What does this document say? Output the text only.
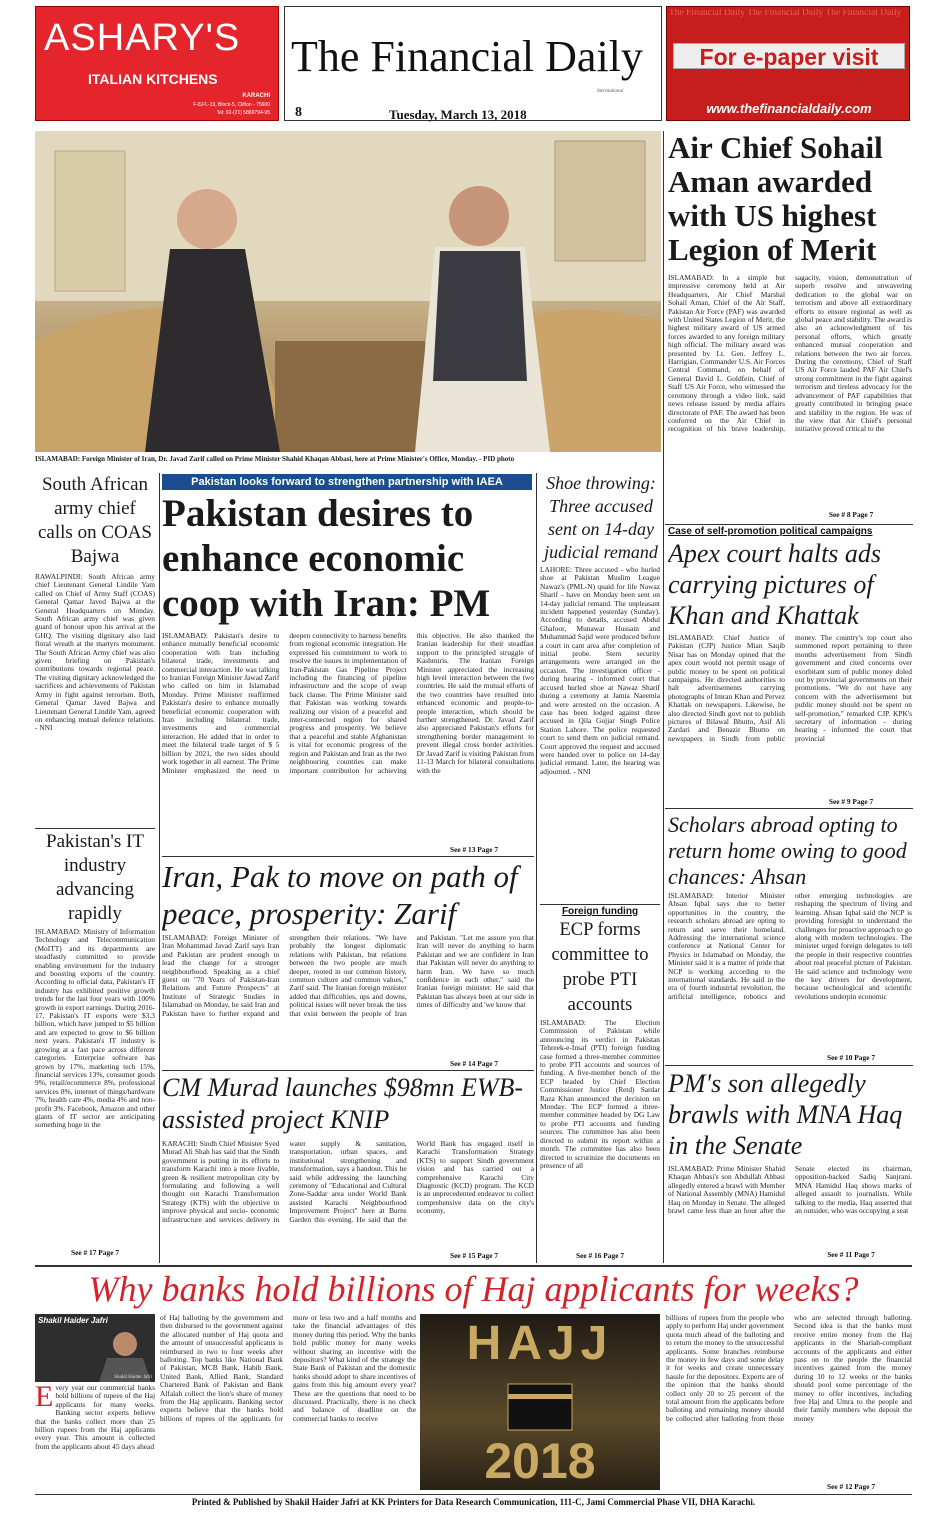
ASHARY'S
ITALIAN KITCHENS
KARACHI
F-8,FL-19, Block-5, Clifton - 75600
Tel: 92-(21) 5869794-95
The Financial Daily
International
8	Tuesday, March 13, 2018
The Financial Daily The Financial Daily The Financial Daily
For e-paper visit
www.thefinancialdaily.com
ISLAMABAD: Foreign Minister of Iran, Dr. Javad Zarif called on Prime Minister Shahid Khaqan Abbasi, here at Prime Minister's Office, Monday. - PID photo
Air Chief Sohail Aman awarded with US highest Legion of Merit
ISLAMABAD: In a simple but impressive ceremony held at Air Headquarters, Air Chief Marshal Sohail Aman, Chief of the Air Staff, Pakistan Air Force (PAF) was awarded with United States Legion of Merit, the highest military award of US armed forces awarded to any foreign military high official. The military award was presented by Lt. Gen. Jeffrey L. Harrigian, Commander U.S. Air Forces Central Command, on behalf of General David L. Goldfein, Chief of Staff US Air Force, who witnessed the ceremony through a video link, said news release issued by media affairs directorate of PAF. The award has been conferred on the Air Chief in recognition of his brave leadership, sagacity, vision, demonstration of superb resolve and unwavering dedication to the global war on terrorism and above all extraordinary efforts to ensure regional as well as global peace and stability. The award is also an acknowledgment of his personal efforts, which greatly enhanced mutual cooperation and relations between the two air forces. During the ceremony, Chief of Staff US Air Force lauded PAF Air Chief's strong commitment in the fight against terrorism and tireless advocacy for the advancement of PAF capabilities that greatly contributed in bringing peace and stability in the region. He was of the view that Air Chief's personal initiative proved critical to the
See # 8 Page 7
Case of self-promotion political campaigns
Apex court halts ads carrying pictures of Khan and Khattak
ISLAMABAD: Chief Justice of Pakistan (CJP) Justice Mian Saqib Nisar has on Monday opined that the apex court would not permit usage of public money to be spent on political campaigns. He directed authorities to halt advertisements carrying photographs of Imran Khan and Pervez Khattak on newspapers. Likewise, he also directed Sindh govt not to publish pictures of Bilawal Bhutto, Asif Ali Zardari and Benazir Bhutto on newspapers in Sindh from public money. The country's top court also summoned report pertaining to three months advertisement from Sindh government and cited concerns over exorbitant sum of public money doled out by provincial governments on their promotions. "We do not have any concern with the advertisement but public money should not be spent on self-promotion," remarked CJP. KPK's secretary of information - during hearing - informed the court that provincial
See # 9 Page 7
Scholars abroad opting to return home owing to good chances: Ahsan
ISLAMABAD: Interior Minister Ahsan Iqbal says due to better opportunities in the country, the research scholars abroad are opting to return and serve their homeland. Addressing the international science conference at National Center for Physics in Islamabad on Monday, the Minister said it is a matter of pride that NCP is working according to the international standards. He said in the era of fourth industrial revolution, the artificial intelligence, robotics and other emerging technologies are reshaping the spectrum of living and learning. Ahsan Iqbal said the NCP is providing foresight to understand the challenges for proactive approach to go along with modern technologies. The minister urged foreign delegates to tell the people in their respective countries about real peaceful picture of Pakistan. He said science and technology were the key drivers for development, because technological and scientific revolutions underpin economic
See # 10 Page 7
PM's son allegedly brawls with MNA Haq in the Senate
ISLAMABAD: Prime Minister Shahid Khaqan Abbasi's son Abdullah Abbasi allegedly entered a brawl with Member of National Assembly (MNA) Hamidul Haq on Monday in Senate. The alleged brawl came less than an hour after the Senate elected its chairman, opposition-backed Sadiq Sanjrani. MNA Hamidul Haq shows marks of alleged assault to journalists. While talking to the media, Haq asserted that an outsider, who was occupying a seat
See # 11 Page 7
South African army chief calls on COAS Bajwa
RAWALPINDI: South African army chief Lieutenant General Lindile Yam called on Chief of Army Staff (COAS) General Qamar Javed Bajwa at the General Headquarters on Monday. South African army chief was given guard of honour upon his arrival at the GHQ. The visiting dignitary also laid floral wreath at the martyrs monument. The South African Army chief was also given briefing on Pakistan's contributions towards regional peace. The visiting dignitary acknowledged the sacrifices and achievements of Pakistan Army in fight against terrorism. Both, General Qamar Javed Bajwa and Lieutenant General Lindile Yam, agreed on enhancing mutual defence relations. - NNI
Pakistan's IT industry advancing rapidly
ISLAMABAD: Ministry of Information Technology and Telecommunication (MoITT) and its departments are steadfastly committed to provide enabling environment for the industry and boosting exports of the country. According to official data, Pakistan's IT industry has exhibited positive growth trends for the last four years with 100% growth in export earnings. During 2016-17, Pakistan's IT exports were $3.3 billion, which have jumped to $5 billion and are expected to grow to $6 billion next years. Pakistan's IT industry is growing at a fast pace across different categories. Enterprise software has grown by 17%, marketing tech 15%, financial services 13%, consumer goods 9%, retail/ecommerce 8%, professional services 8%, internet of things/hardware 7%, health care 4%, media 4% and non-profit 3%. Facebook, Amazon and other giants of IT sector are anticipating something huge in the
See # 17 Page 7
Pakistan looks forward to strengthen partnership with IAEA
Pakistan desires to enhance economic coop with Iran: PM
ISLAMABAD: Pakistan's desire to enhance mutually beneficial economic cooperation with Iran including bilateral trade, investments and commercial interaction. He was talking to Iranian Foreign Minister Jawad Zarif who called on him in Islamabad Monday. Prime Minister reaffirmed Pakistan's desire to enhance mutually beneficial economic cooperation with Iran including bilateral trade, investments and commercial interaction. He added that in order to meet the bilateral trade target of $ 5 billion by 2021, the two sides should work together in all earnest. The Prime Minister emphasized the need to deepen connectivity to harness benefits from regional economic integration. He expressed his commitment to work to resolve the issues in implementation of Iran-Pakistan Gas Pipeline Project including the financing of pipeline infrastructure and the scope of swap back clause. The Prime Minister said that Pakistan was working towards realizing our vision of a peaceful and inter-connected region for shared progress and prosperity. We believe that a peaceful and stable Afghanistan is vital for economic progress of the region and Pakistan and Iran as the two neighbouring countries can make important contribution for achieving this objective. He also thanked the Iranian leadership for their steadfast support to the principled struggle of Kashmiris. The Iranian Foreign Minister appreciated the increasing high level interaction between the two countries. He said the mutual efforts of the two countries have resulted into enhanced economic and people-to-people interaction, which should be further strengthened. Dr. Javad Zarif also appreciated Pakistan's efforts for strengthening border management to prevent illegal cross border activities. Dr Javad Zarif is visiting Pakistan from 11-13 March for bilateral consultations with the
See # 13 Page 7
Shoe throwing: Three accused sent on 14-day judicial remand
LAHORE: Three accused - who hurled shoe at Pakistan Muslim League Nawaz's (PML-N) quaid for life Nawaz Sharif - have on Monday been sent on 14-day judicial remand. The unpleasant incident happened yesterday (Sunday). According to details, accused Abdul Ghafoor, Munawar Hussain and Muhammad Sajid were produced before a court in cant area after completion of initial probe. Stern security arrangements were arranged on the occasion. The investigation officer - during hearing - informed court that accused hurled shoe at Nawaz Sharif during a ceremony at Jamia Naeemia and were arrested on the occasion. A case has been lodged against three accused in Qila Gujjar Singh Police Station Lahore. The police requested court to send them on judicial remand. Court approved the request and accused were handed over to police on 14-day judicial remand. Later, the hearing was adjourned. - NNI
Iran, Pak to move on path of peace, prosperity: Zarif
ISLAMABAD: Foreign Minister of Iran Mohammad Javad Zarif says Iran and Pakistan are prudent enough to lead the change for a stronger neighbourhood. Speaking as a chief guest on "70 Years of Pakistan-Iran Relations and Future Prospects" at Institute of Strategic Studies in Islamabad on Monday, he said Iran and Pakistan have to further expand and strengthen their relations. "We have probably the longest diplomatic relations with Pakistan, but relations between the two people are much deeper, rooted in our common history, common culture and common values," Zarif said. The Iranian foreign minister added that difficulties, ups and downs, political issues will never break the ties that exist between the people of Iran and Pakistan. "Let me assure you that Iran will never do anything to harm Pakistan and we are confident in Iran that Pakistan will never do anything to harm Iran. We have so much confidence in each other," said the Iranian foreign minister. He said that Pakistan has always been at our side in times of difficulty and 'we know that
See # 14 Page 7
Foreign funding
ECP forms committee to probe PTI accounts
ISLAMABAD: The Election Commission of Pakistan while announcing its verdict in Pakistan Tehreek-e-Insaf (PTI) foreign funding case formed a three-member committee to probe PTI accounts and sources of funding. A five-member bench of the ECP headed by Chief Election Commissioner Justice (Retd) Sardar Raza Khan announced the decision on Monday. The ECP formed a three-member committee headed by DG Law to probe PTI accounts and funding sources. The committee has also been directed to submit its report within a month. The committee has also been directed to scrutinize the documents on presence of all
See # 16 Page 7
CM Murad launches $98mn EWB-assisted project KNIP
KARACHI: Sindh Chief Minister Syed Murad Ali Shah has said that the Sindh government is putting in its efforts to transform Karachi into a more livable, green & resilient metropolitan city by formulating and following a well thought out Karachi Transformation Strategy (KTS) with the objective to improve physical and socio- economic infrastructure and services delivery in water supply & sanitation, transportation, urban spaces, and institutional strengthening and transformation, says a handout. This he said while addressing the launching ceremony of "Educational and Cultural Zone-Saddar area under World Bank assisted Karachi Neighbourhood Improvement Project" here at Burns Garden this evening. He said that the World Bank has engaged itself in Karachi Transformation Strategy (KTS) to support Sindh government vision and has carried out a comprehensive Karachi City Diagnostic (KCD) program. The KCD is an unprecedented endeavor to collect comprehensive data on the city's economy,
See # 15 Page 7
Why banks hold billions of Haj applicants for weeks?
Shakil Haider Jafri
Shakil Haider Jafri
E very year our commercial banks hold billions of rupees of the Haj applicants for many weeks. Banking sector experts believe that the banks collect more than 25 billion rupees from the Haj applicants every year. This amount is collected from the applicants about 45 days ahead
of Haj balloting by the government and then disbursed to the government against the allocated number of Haj quota and the amount of unsuccessful applicants is reimbursed in two to four weeks after balloting. Top banks like National Bank of Pakistan, MCB Bank, Habib Bank, United Bank, Allied Bank, Standard Chartered Bank of Pakistan and Bank Alfalah collect the lion's share of money from the Haj applicants. Banking sector experts believe that the banks hold billions of rupees of the applicants for more or less two and a half months and take the financial advantages of this money during this period. Why the banks hold public money for many weeks without sharing an incentive with the depositors? What kind of the strategy the State Bank of Pakistan and the domestic banks should adopt to share incentives of gains from this big amount every year? These are the questions that need to be discussed. Practically, there is no check and balance of deadline on the commercial banks to receive
HAJJ
2018
billions of rupees from the people who apply to perform Haj under government quota much ahead of the balloting and to return the money to the unsuccessful applicants. Some branches reimburse the money in few days and some delay it for weeks and create unnecessary hassle for the depositors. Experts are of the opinion that the banks should collect only 20 to 25 percent of the total amount from the applicants before balloting and remaining money should be collected after balloting from those who are selected through balloting. Second idea is that the banks must receive entire money from the Haj applicants in the Shariah-compliant accounts of the applicants and either pass on to the people the financial incentives gained from the money during 10 to 12 weeks or the banks should pool some percentage of the money to offer incentives, including free Haj and Umra to the people and their family members who deposit the money
See # 12 Page 7
Printed & Published by Shakil Haider Jafri at KK Printers for Data Research Communication, 111-C, Jami Commercial Phase VII, DHA Karachi.
